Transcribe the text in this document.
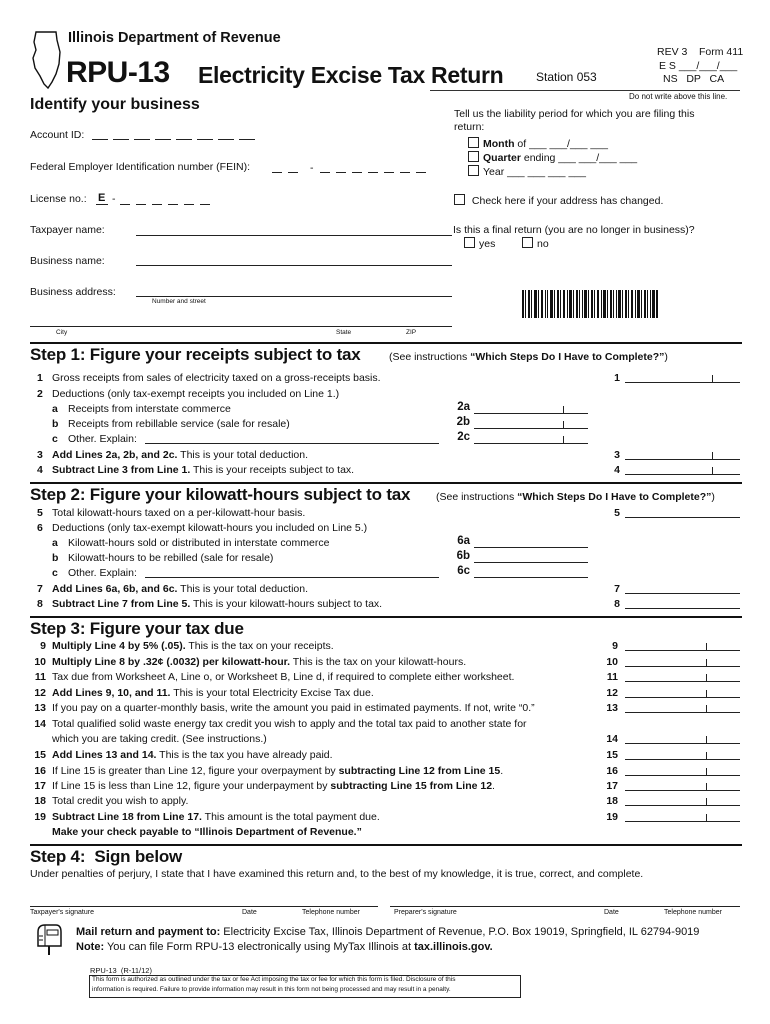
Illinois Department of Revenue
RPU-13 Electricity Excise Tax Return	Station 053
REV 3 Form 411
E S ___/___/___
NS   DP   CA
Do not write above this line.
Identify your business
Account ID:
Federal Employer Identification number (FEIN):	-
License no.: E -
Taxpayer name:
Business name:
Business address:
Number and street
City	State	ZIP
Tell us the liability period for which you are filing this return:
Month of ___ ___/___ ___
Quarter ending ___ ___/___ ___
Year ___ ___ ___ ___
Check here if your address has changed.
Is this a final return (you are no longer in business)?
yes	no
Step 1: Figure your receipts subject to tax	(See instructions “Which Steps Do I Have to Complete?”)
1 Gross receipts from sales of electricity taxed on a gross-receipts basis.	1
2 Deductions (only tax-exempt receipts you included on Line 1.)
a Receipts from interstate commerce	2a
b Receipts from rebillable service (sale for resale)	2b
c Other. Explain:	2c
3 Add Lines 2a, 2b, and 2c. This is your total deduction.	3
4 Subtract Line 3 from Line 1. This is your receipts subject to tax.	4
Step 2: Figure your kilowatt-hours subject to tax (See instructions “Which Steps Do I Have to Complete?”)
5 Total kilowatt-hours taxed on a per-kilowatt-hour basis.	5
6 Deductions (only tax-exempt kilowatt-hours you included on Line 5.)
a Kilowatt-hours sold or distributed in interstate commerce	6a
b Kilowatt-hours to be rebilled (sale for resale)	6b
c Other. Explain:	6c
7 Add Lines 6a, 6b, and 6c. This is your total deduction.	7
8 Subtract Line 7 from Line 5. This is your kilowatt-hours subject to tax.	8
Step 3: Figure your tax due
9 Multiply Line 4 by 5% (.05). This is the tax on your receipts.	9
10 Multiply Line 8 by .32¢ (.0032) per kilowatt-hour. This is the tax on your kilowatt-hours.	10
11 Tax due from Worksheet A, Line o, or Worksheet B, Line d, if required to complete either worksheet.	11
12 Add Lines 9, 10, and 11. This is your total Electricity Excise Tax due.	12
13 If you pay on a quarter-monthly basis, write the amount you paid in estimated payments. If not, write “0.”	13
14 Total qualified solid waste energy tax credit you wish to apply and the total tax paid to another state for
which you are taking credit. (See instructions.)	14
15 Add Lines 13 and 14. This is the tax you have already paid.	15
16 If Line 15 is greater than Line 12, figure your overpayment by subtracting Line 12 from Line 15.	16
17 If Line 15 is less than Line 12, figure your underpayment by subtracting Line 15 from Line 12.	17
18 Total credit you wish to apply.	18
19 Subtract Line 18 from Line 17. This amount is the total payment due.	19
Make your check payable to “Illinois Department of Revenue.”
Step 4:  Sign below
Under penalties of perjury, I state that I have examined this return and, to the best of my knowledge, it is true, correct, and complete.
Taxpayer's signature	Date	Telephone number	Preparer's signature	Date	Telephone number
Mail return and payment to: Electricity Excise Tax, Illinois Department of Revenue, P.O. Box 19019, Springfield, IL 62794-9019
Note: You can file Form RPU-13 electronically using MyTax Illinois at tax.illinois.gov.
RPU-13  (R-11/12)
This form is authorized as outlined under the tax or fee Act imposing the tax or fee for which this form is filed. Disclosure of this
information is required. Failure to provide information may result in this form not being processed and may result in a penalty.
